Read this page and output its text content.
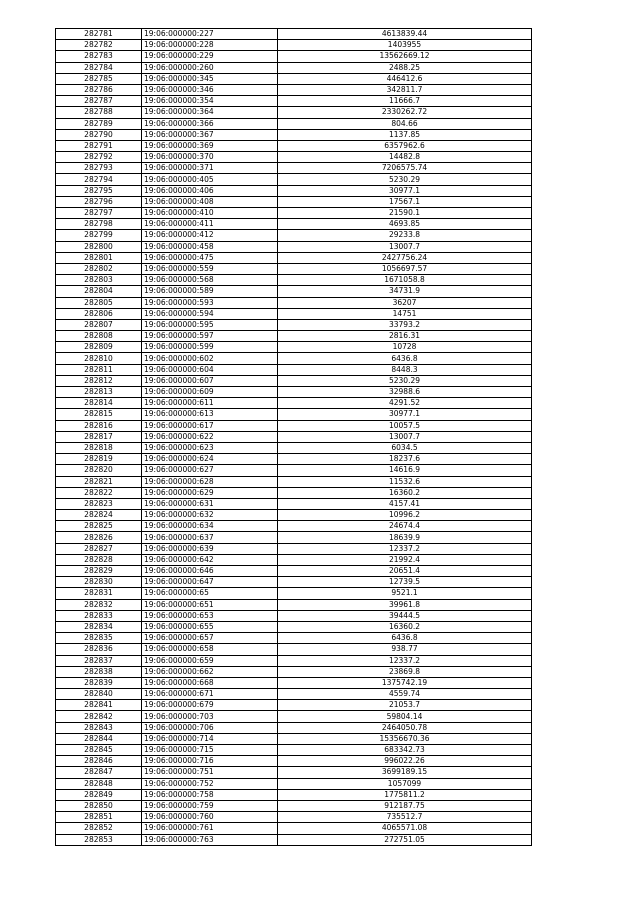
282781	19:06:000000:227	4613839.44
282782	19:06:000000:228	1403955
282783	19:06:000000:229	13562669.12
282784	19:06:000000:260	2488.25
282785	19:06:000000:345	446412.6
282786	19:06:000000:346	342811.7
282787	19:06:000000:354	11666.7
282788	19:06:000000:364	2330262.72
282789	19:06:000000:366	804.66
282790	19:06:000000:367	1137.85
282791	19:06:000000:369	6357962.6
282792	19:06:000000:370	14482.8
282793	19:06:000000:371	7206575.74
282794	19:06:000000:405	5230.29
282795	19:06:000000:406	30977.1
282796	19:06:000000:408	17567.1
282797	19:06:000000:410	21590.1
282798	19:06:000000:411	4693.85
282799	19:06:000000:412	29233.8
282800	19:06:000000:458	13007.7
282801	19:06:000000:475	2427756.24
282802	19:06:000000:559	1056697.57
282803	19:06:000000:568	1671058.8
282804	19:06:000000:589	34731.9
282805	19:06:000000:593	36207
282806	19:06:000000:594	14751
282807	19:06:000000:595	33793.2
282808	19:06:000000:597	2816.31
282809	19:06:000000:599	10728
282810	19:06:000000:602	6436.8
282811	19:06:000000:604	8448.3
282812	19:06:000000:607	5230.29
282813	19:06:000000:609	32988.6
282814	19:06:000000:611	4291.52
282815	19:06:000000:613	30977.1
282816	19:06:000000:617	10057.5
282817	19:06:000000:622	13007.7
282818	19:06:000000:623	6034.5
282819	19:06:000000:624	18237.6
282820	19:06:000000:627	14616.9
282821	19:06:000000:628	11532.6
282822	19:06:000000:629	16360.2
282823	19:06:000000:631	4157.41
282824	19:06:000000:632	10996.2
282825	19:06:000000:634	24674.4
282826	19:06:000000:637	18639.9
282827	19:06:000000:639	12337.2
282828	19:06:000000:642	21992.4
282829	19:06:000000:646	20651.4
282830	19:06:000000:647	12739.5
282831	19:06:000000:65	9521.1
282832	19:06:000000:651	39961.8
282833	19:06:000000:653	39444.5
282834	19:06:000000:655	16360.2
282835	19:06:000000:657	6436.8
282836	19:06:000000:658	938.77
282837	19:06:000000:659	12337.2
282838	19:06:000000:662	23869.8
282839	19:06:000000:668	1375742.19
282840	19:06:000000:671	4559.74
282841	19:06:000000:679	21053.7
282842	19:06:000000:703	59804.14
282843	19:06:000000:706	2464050.78
282844	19:06:000000:714	15356670.36
282845	19:06:000000:715	683342.73
282846	19:06:000000:716	996022.26
282847	19:06:000000:751	3699189.15
282848	19:06:000000:752	1057099
282849	19:06:000000:758	1775811.2
282850	19:06:000000:759	912187.75
282851	19:06:000000:760	735512.7
282852	19:06:000000:761	4065571.08
282853	19:06:000000:763	272751.05
